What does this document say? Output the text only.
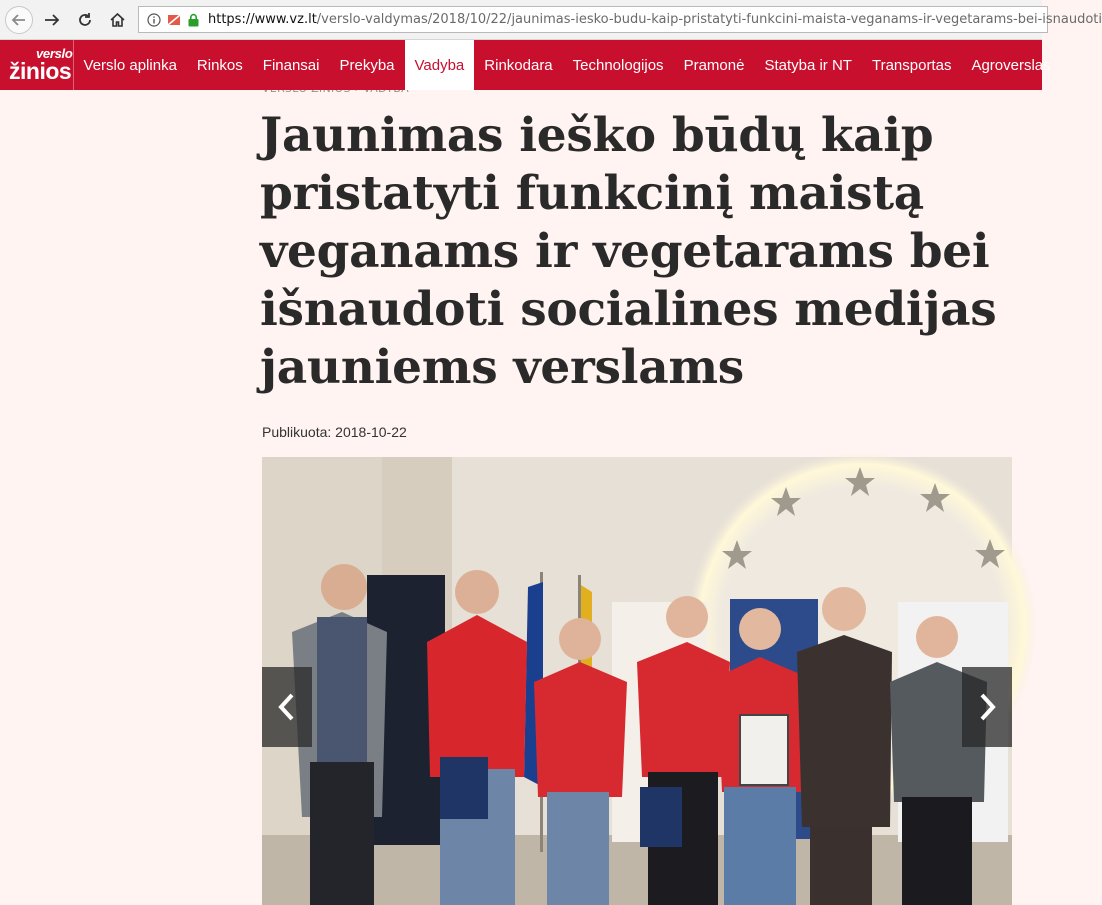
https://www.vz.lt/verslo-valdymas/2018/10/22/jaunimas-iesko-budu-kaip-pristatyti-funkcini-maista-veganams-ir-vegetarams-bei-isnaudoti
verslo
žinios Verslo aplinka	Rinkos	Finansai	Prekyba	Vadyba	Rinkodara	Technologijos	Pramonė	Statyba ir NT	Transportas	Agroverslas
Jaunimas ieško būdų kaip pristatyti funkcinį maistą veganams ir vegetarams bei išnaudoti socialines medijas jauniems verslams
Publikuota: 2018-10-22
